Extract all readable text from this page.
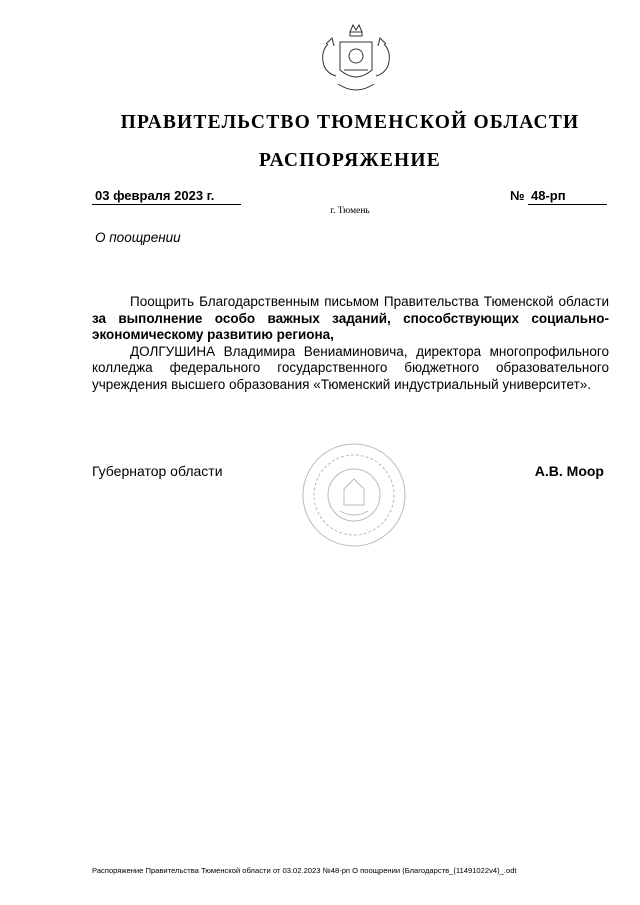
ПРАВИТЕЛЬСТВО ТЮМЕНСКОЙ ОБЛАСТИ
РАСПОРЯЖЕНИЕ
03 февраля 2023 г.	№ 48-рп
г. Тюмень
О поощрении

Поощрить Благодарственным письмом Правительства Тюменской области за выполнение особо важных заданий, способствующих социально-экономическому развитию региона,

ДОЛГУШИНА Владимира Вениаминовича, директора многопрофильного колледжа федерального государственного бюджетного образовательного учреждения высшего образования «Тюменский индустриальный университет».

Губернатор области	А.В. Моор
Распоряжение Правительства Тюменской области от 03.02.2023 №48-рп О поощрении (Благодарств_(11491022v4)_.odt
